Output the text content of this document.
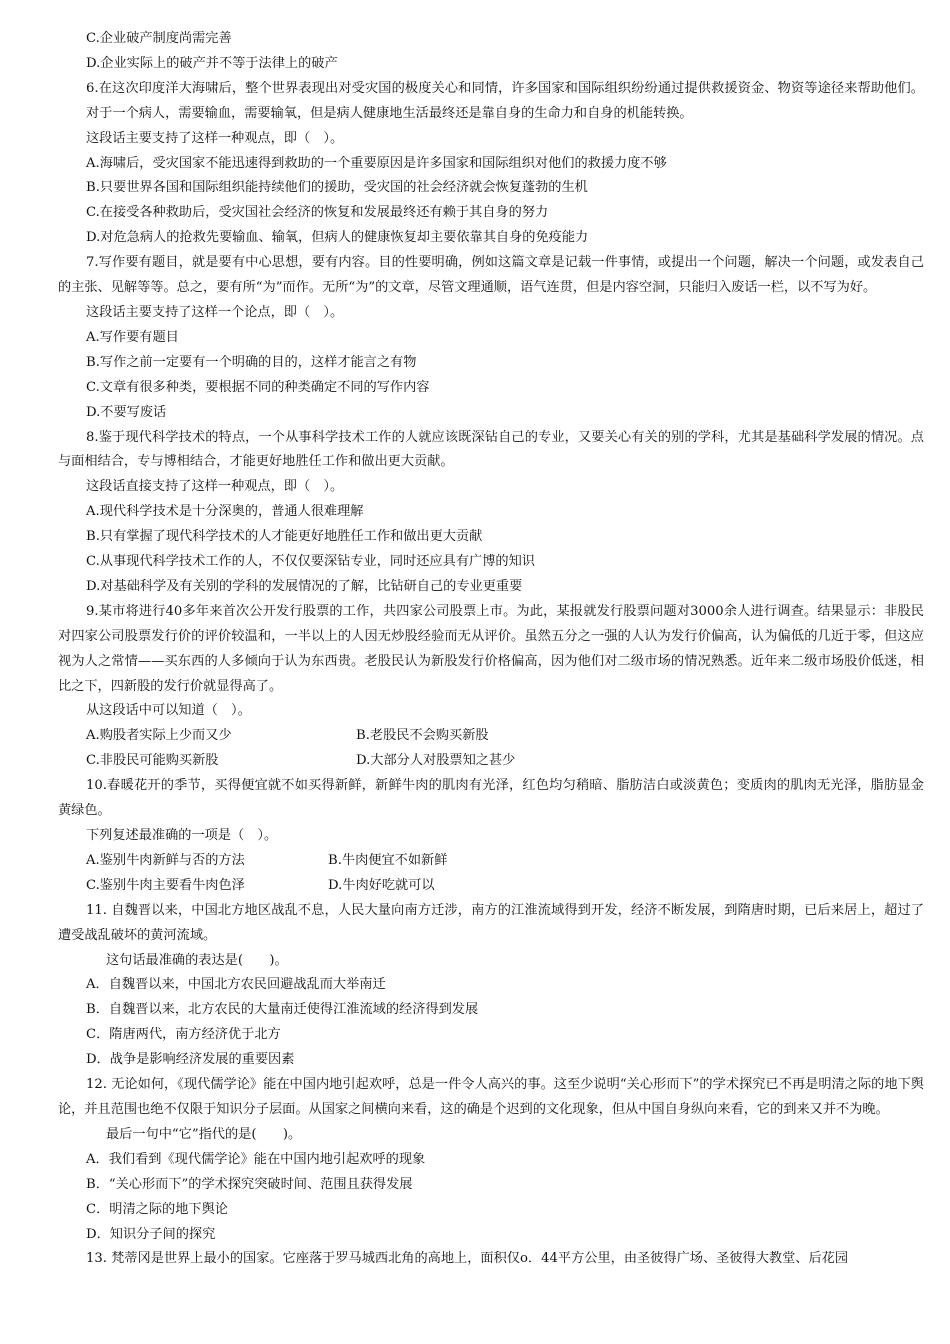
C.企业破产制度尚需完善
D.企业实际上的破产并不等于法律上的破产
6.在这次印度洋大海啸后，整个世界表现出对受灾国的极度关心和同情，许多国家和国际组织纷纷通过提供救援资金、物资等途径来帮助他们。对于一个病人，需要输血，需要输氧，但是病人健康地生活最终还是靠自身的生命力和自身的机能转换。
这段话主要支持了这样一种观点，即（　）。
A.海啸后，受灾国家不能迅速得到救助的一个重要原因是许多国家和国际组织对他们的救援力度不够
B.只要世界各国和国际组织能持续他们的援助，受灾国的社会经济就会恢复蓬勃的生机
C.在接受各种救助后，受灾国社会经济的恢复和发展最终还有赖于其自身的努力
D.对危急病人的抢救先要输血、输氧，但病人的健康恢复却主要依靠其自身的免疫能力
7.写作要有题目，就是要有中心思想，要有内容。目的性要明确，例如这篇文章是记载一件事情，或提出一个问题，解决一个问题，或发表自己的主张、见解等等。总之，要有所“为”而作。无所“为”的文章，尽管文理通顺，语气连贯，但是内容空洞，只能归入废话一栏，以不写为好。
这段话主要支持了这样一个论点，即（　）。
A.写作要有题目
B.写作之前一定要有一个明确的目的，这样才能言之有物
C.文章有很多种类，要根据不同的种类确定不同的写作内容
D.不要写废话
8.鉴于现代科学技术的特点，一个从事科学技术工作的人就应该既深钻自己的专业，又要关心有关的别的学科，尤其是基础科学发展的情况。点与面相结合，专与博相结合，才能更好地胜任工作和做出更大贡献。
这段话直接支持了这样一种观点，即（　）。
A.现代科学技术是十分深奥的，普通人很难理解
B.只有掌握了现代科学技术的人才能更好地胜任工作和做出更大贡献
C.从事现代科学技术工作的人，不仅仅要深钻专业，同时还应具有广博的知识
D.对基础科学及有关别的学科的发展情况的了解，比钻研自己的专业更重要
9.某市将进行40多年来首次公开发行股票的工作，共四家公司股票上市。为此，某报就发行股票问题对3000余人进行调查。结果显示：非股民对四家公司股票发行价的评价较温和，一半以上的人因无炒股经验而无从评价。虽然五分之一强的人认为发行价偏高，认为偏低的几近于零，但这应视为人之常情——买东西的人多倾向于认为东西贵。老股民认为新股发行价格偏高，因为他们对二级市场的情况熟悉。近年来二级市场股价低迷，相比之下，四新股的发行价就显得高了。
从这段话中可以知道（　）。
A.购股者实际上少而又少	B.老股民不会购买新股
C.非股民可能购买新股	D.大部分人对股票知之甚少
10.春暖花开的季节，买得便宜就不如买得新鲜，新鲜牛肉的肌肉有光泽，红色均匀稍暗、脂肪洁白或淡黄色；变质肉的肌肉无光泽，脂肪显金黄绿色。
下列复述最准确的一项是（　）。
A.鉴别牛肉新鲜与否的方法	B.牛肉便宜不如新鲜
C.鉴别牛肉主要看牛肉色泽	D.牛肉好吃就可以
11. 自魏晋以来，中国北方地区战乱不息，人民大量向南方迁涉，南方的江淮流域得到开发，经济不断发展，到隋唐时期，已后来居上，超过了遭受战乱破坏的黄河流域。
这句话最准确的表达是(　　)。
A．自魏晋以来，中国北方农民回避战乱而大举南迁
B．自魏晋以来，北方农民的大量南迁使得江淮流域的经济得到发展
C．隋唐两代，南方经济优于北方
D．战争是影响经济发展的重要因素
12. 无论如何，《现代儒学论》能在中国内地引起欢呼，总是一件令人高兴的事。这至少说明“关心形而下”的学术探究已不再是明清之际的地下舆论，并且范围也绝不仅限于知识分子层面。从国家之间横向来看，这的确是个迟到的文化现象，但从中国自身纵向来看，它的到来又并不为晚。
最后一句中“它”指代的是(　　)。
A．我们看到《现代儒学论》能在中国内地引起欢呼的现象
B．“关心形而下”的学术探究突破时间、范围且获得发展
C．明清之际的地下舆论
D．知识分子间的探究
13. 梵蒂冈是世界上最小的国家。它座落于罗马城西北角的高地上，面积仅o．44平方公里，由圣彼得广场、圣彼得大教堂、后花园
